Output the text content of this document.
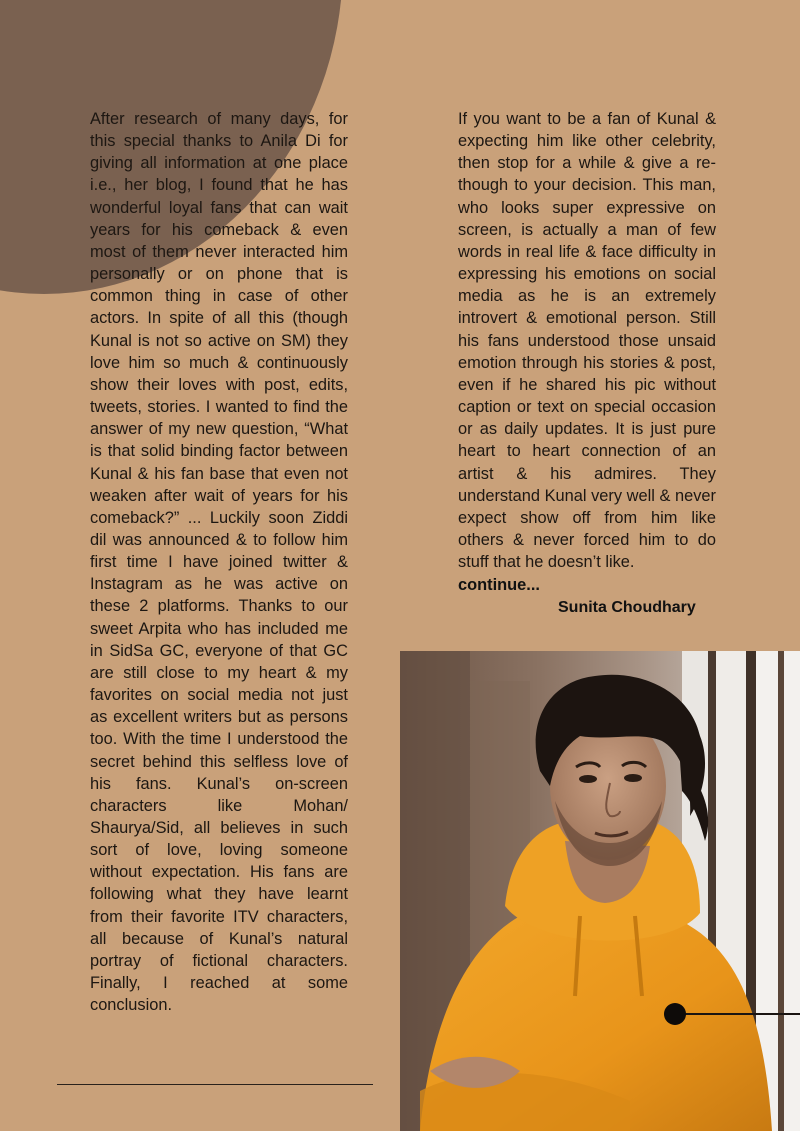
After research of many days, for this special thanks to Anila Di for giving all information at one place i.e., her blog, I found that he has wonderful loyal fans that can wait years for his comeback & even most of them never interacted him personally or on phone that is common thing in case of other actors. In spite of all this (though Kunal is not so active on SM) they love him so much & continuously show their loves with post, edits, tweets, stories. I wanted to find the answer of my new question, “What is that solid binding factor between Kunal & his fan base that even not weaken after wait of years for his comeback?” ... Luckily soon Ziddi dil was announced & to follow him first time I have joined twitter & Instagram as he was active on these 2 platforms. Thanks to our sweet Arpita who has included me in SidSa GC, everyone of that GC are still close to my heart & my favorites on social media not just as excellent writers but as persons too. With the time I understood the secret behind this selfless love of his fans. Kunal’s on-screen characters like Mohan/ Shaurya/Sid, all believes in such sort of love, loving someone without expectation. His fans are following what they have learnt from their favorite ITV characters, all because of Kunal’s natural portray of fictional characters. Finally, I reached at some conclusion.
If you want to be a fan of Kunal & expecting him like other celebrity, then stop for a while & give a re-though to your decision. This man, who looks super expressive on screen, is actually a man of few words in real life & face difficulty in expressing his emotions on social media as he is an extremely introvert & emotional person. Still his fans understood those unsaid emotion through his stories & post, even if he shared his pic without caption or text on special occasion or as daily updates. It is just pure heart to heart connection of an artist & his admires. They understand Kunal very well & never expect show off from him like others & never forced him to do stuff that he doesn’t like.
continue...
Sunita Choudhary
